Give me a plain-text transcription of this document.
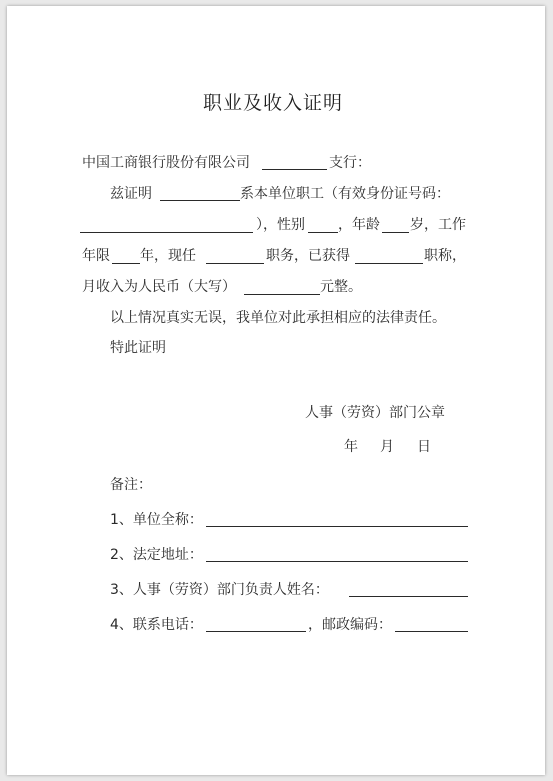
职业及收入证明
中国工商银行股份有限公司	支行：
兹证明	系本单位职工（有效身份证号码：
），性别 ，年龄 岁，工作
年限 年，现任	职务，已获得	职称，
月收入为人民币（大写）	元整。
以上情况真实无误，我单位对此承担相应的法律责任。
特此证明
人事（劳资）部门公章
年 月 日
备注：
1、单位全称：
2、法定地址：
3、人事（劳资）部门负责人姓名：
4、联系电话：	，邮政编码：
